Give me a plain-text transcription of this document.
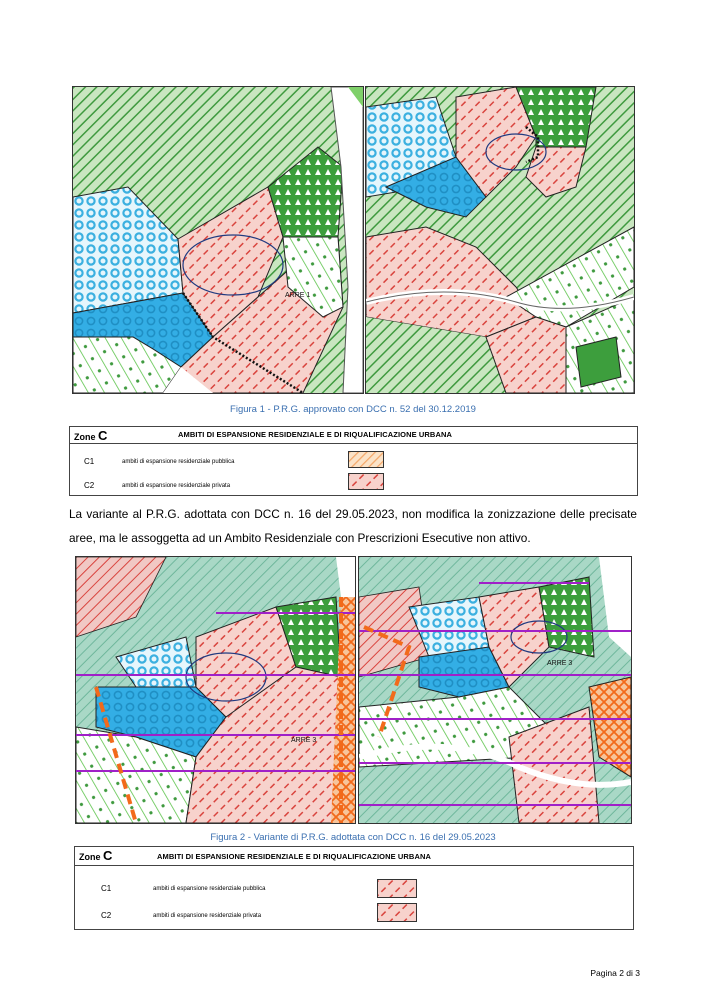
ARRE 1
Figura 1 - P.R.G. approvato con DCC n. 52 del 30.12.2019
Zone C	AMBITI DI ESPANSIONE RESIDENZIALE E DI RIQUALIFICAZIONE URBANA
C1	ambiti di espansione residenziale pubblica
C2	ambiti di espansione residenziale privata
La variante al P.R.G. adottata con DCC n. 16 del 29.05.2023, non modifica la zonizzazione delle precisate
aree, ma le assoggetta ad un Ambito Residenziale con Prescrizioni Esecutive non attivo.
ARRE 3
ARRE 3
Figura 2 - Variante di P.R.G. adottata con DCC n. 16 del 29.05.2023
Zone C	AMBITI DI ESPANSIONE RESIDENZIALE E DI RIQUALIFICAZIONE URBANA
C1	ambiti di espansione residenziale pubblica
C2	ambiti di espansione residenziale privata
Pagina 2 di 3
